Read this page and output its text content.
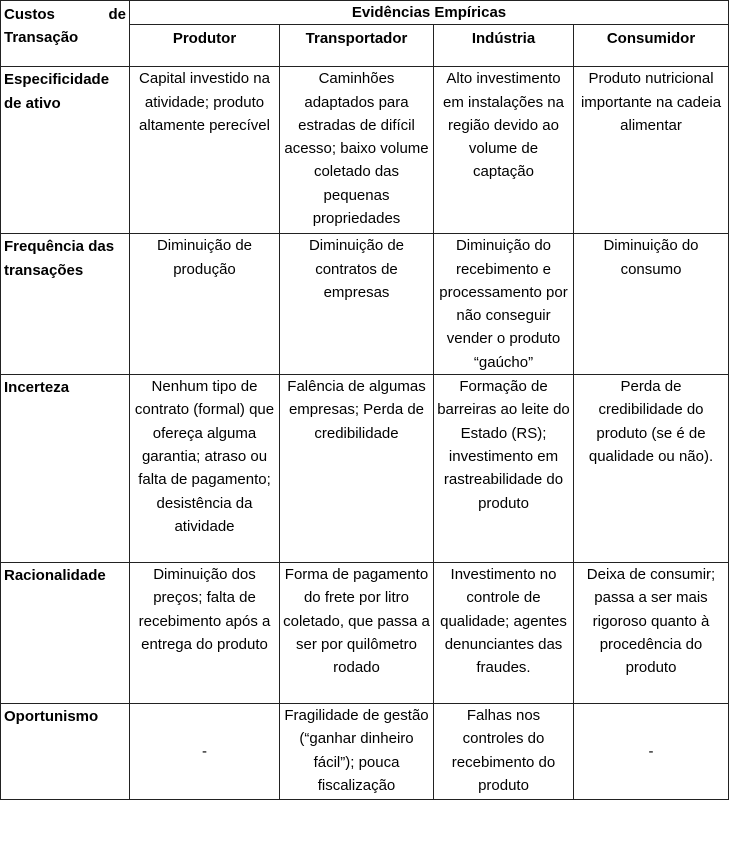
Custos de
Transação	Evidências Empíricas			
	Produtor	Transportador	Indústria	Consumidor
Especificidade de ativo	Capital investido na atividade; produto altamente perecível	Caminhões adaptados para estradas de difícil acesso; baixo volume coletado das pequenas propriedades	Alto investimento em instalações na região devido ao volume de captação	Produto nutricional importante na cadeia alimentar
Frequência das transações	Diminuição de produção	Diminuição de contratos de empresas	Diminuição do recebimento e processamento por não conseguir vender o produto “gaúcho”	Diminuição do consumo
Incerteza	Nenhum tipo de contrato (formal) que ofereça alguma garantia; atraso ou falta de pagamento; desistência da atividade	Falência de algumas empresas; Perda de credibilidade	Formação de barreiras ao leite do Estado (RS); investimento em rastreabilidade do produto	Perda de credibilidade do produto (se é de qualidade ou não).
Racionalidade	Diminuição dos preços; falta de recebimento após a entrega do produto	Forma de pagamento do frete por litro coletado, que passa a ser por quilômetro rodado	Investimento no controle de qualidade; agentes denunciantes das fraudes.	Deixa de consumir; passa a ser mais rigoroso quanto à procedência do produto
Oportunismo	-	Fragilidade de gestão (“ganhar dinheiro fácil”); pouca fiscalização	Falhas nos controles do recebimento do produto	-
